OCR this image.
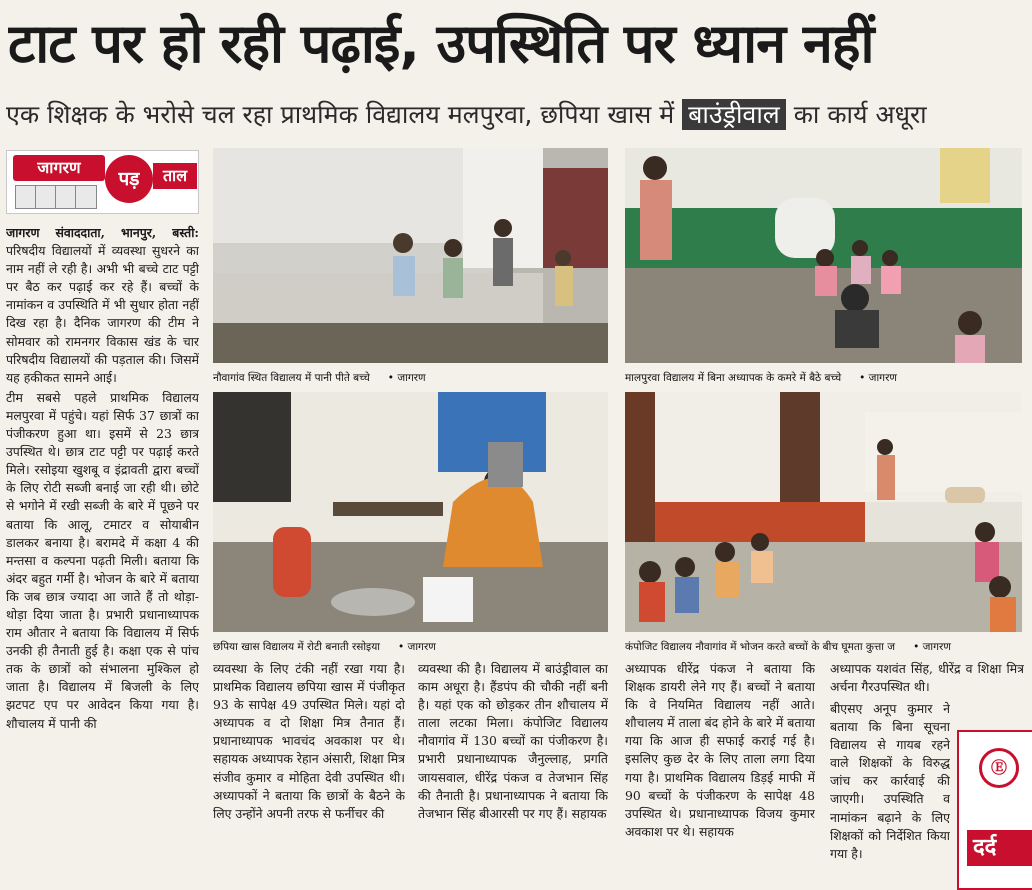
टाट पर हो रही पढ़ाई, उपस्थिति पर ध्यान नहीं
एक शिक्षक के भरोसे चल रहा प्राथमिक विद्यालय मलपुरवा, छपिया खास में बाउंड्रीवाल का कार्य अधूरा
जागरण
पड़	ताल

जागरण संवाददाता, भानपुर, बस्ती: परिषदीय विद्यालयों में व्यवस्था सुधरने का नाम नहीं ले रही है। अभी भी बच्चे टाट पट्टी पर बैठ कर पढ़ाई कर रहे हैं। बच्चों के नामांकन व उपस्थिति में भी सुधार होता नहीं दिख रहा है। दैनिक जागरण की टीम ने सोमवार को रामनगर विकास खंड के चार परिषदीय विद्यालयों की पड़ताल की। जिसमें यह हकीकत सामने आई।

टीम सबसे पहले प्राथमिक विद्यालय मलपुरवा में पहुंचे। यहां सिर्फ 37 छात्रों का पंजीकरण हुआ था। इसमें से 23 छात्र उपस्थित थे। छात्र टाट पट्टी पर पढ़ाई करते मिले। रसोइया खुशबू व इंद्रावती द्वारा बच्चों के लिए रोटी सब्जी बनाई जा रही थी। छोटे से भगोने में रखी सब्जी के बारे में पूछने पर बताया कि आलू, टमाटर व सोयाबीन डालकर बनाया है। बरामदे में कक्षा 4 की मन्तसा व कल्पना पढ़ती मिली। बताया कि अंदर बहुत गर्मी है। भोजन के बारे में बताया कि जब छात्र ज्यादा आ जाते हैं तो थोड़ा-थोड़ा दिया जाता है। प्रभारी प्रधानाध्यापक राम औतार ने बताया कि विद्यालय में सिर्फ उनकी ही तैनाती हुई है। कक्षा एक से पांच तक के छात्रों को संभालना मुश्किल हो जाता है। विद्यालय में बिजली के लिए झटपट एप पर आवेदन किया गया है। शौचालय में पानी की

नौवागांव स्थित विद्यालय में पानी पीते बच्चे • जागरण	मालपुरवा विद्यालय में बिना अध्यापक के कमरे में बैठे बच्चे • जागरण
छपिया खास विद्यालय में रोटी बनाती रसोइया • जागरण	कंपोजिट विद्यालय नौवागांव में भोजन करते बच्चों के बीच घूमता कुत्ता ज • जागरण
व्यवस्था के लिए टंकी नहीं रखा गया है। प्राथमिक विद्यालय छपिया खास में पंजीकृत 93 के सापेक्ष 49 उपस्थित मिले। यहां दो अध्यापक व दो शिक्षा मित्र तैनात हैं। प्रधानाध्यापक भावचंद अवकाश पर थे। सहायक अध्यापक रेहान अंसारी, शिक्षा मित्र संजीव कुमार व मोहिता देवी उपस्थित थी। अध्यापकों ने बताया कि छात्रों के बैठने के लिए उन्होंने अपनी तरफ से फर्नीचर की
व्यवस्था की है। विद्यालय में बाउंड्रीवाल का काम अधूरा है। हैंडपंप की चौकी नहीं बनी है। यहां एक को छोड़कर तीन शौचालय में ताला लटका मिला। कंपोजिट विद्यालय नौवागांव में 130 बच्चों का पंजीकरण है। प्रभारी प्रधानाध्यापक जैनुल्लाह, प्रगति जायसवाल, धीरेंद्र पंकज व तेजभान सिंह की तैनाती है। प्रधानाध्यापक ने बताया कि तेजभान सिंह बीआरसी पर गए हैं। सहायक
अध्यापक धीरेंद्र पंकज ने बताया कि शिक्षक डायरी लेने गए हैं। बच्चों ने बताया कि वे नियमित विद्यालय नहीं आते। शौचालय में ताला बंद होने के बारे में बताया गया कि आज ही सफाई कराई गई है। इसलिए कुछ देर के लिए ताला लगा दिया गया है। प्राथमिक विद्यालय डिड़ई माफी में 90 बच्चों के पंजीकरण के सापेक्ष 48 उपस्थित थे। प्रधानाध्यापक विजय कुमार अवकाश पर थे। सहायक
अध्यापक यशवंत सिंह, धीरेंद्र व शिक्षा मित्र अर्चना गैरउपस्थित थी।
बीएसए अनूप कुमार ने बताया कि बिना सूचना विद्यालय से गायब रहने वाले शिक्षकों के विरुद्ध जांच कर कार्रवाई की जाएगी। उपस्थिति व नामांकन बढ़ाने के लिए शिक्षकों को निर्देशित किया गया है।
Ⓔ
दर्द
